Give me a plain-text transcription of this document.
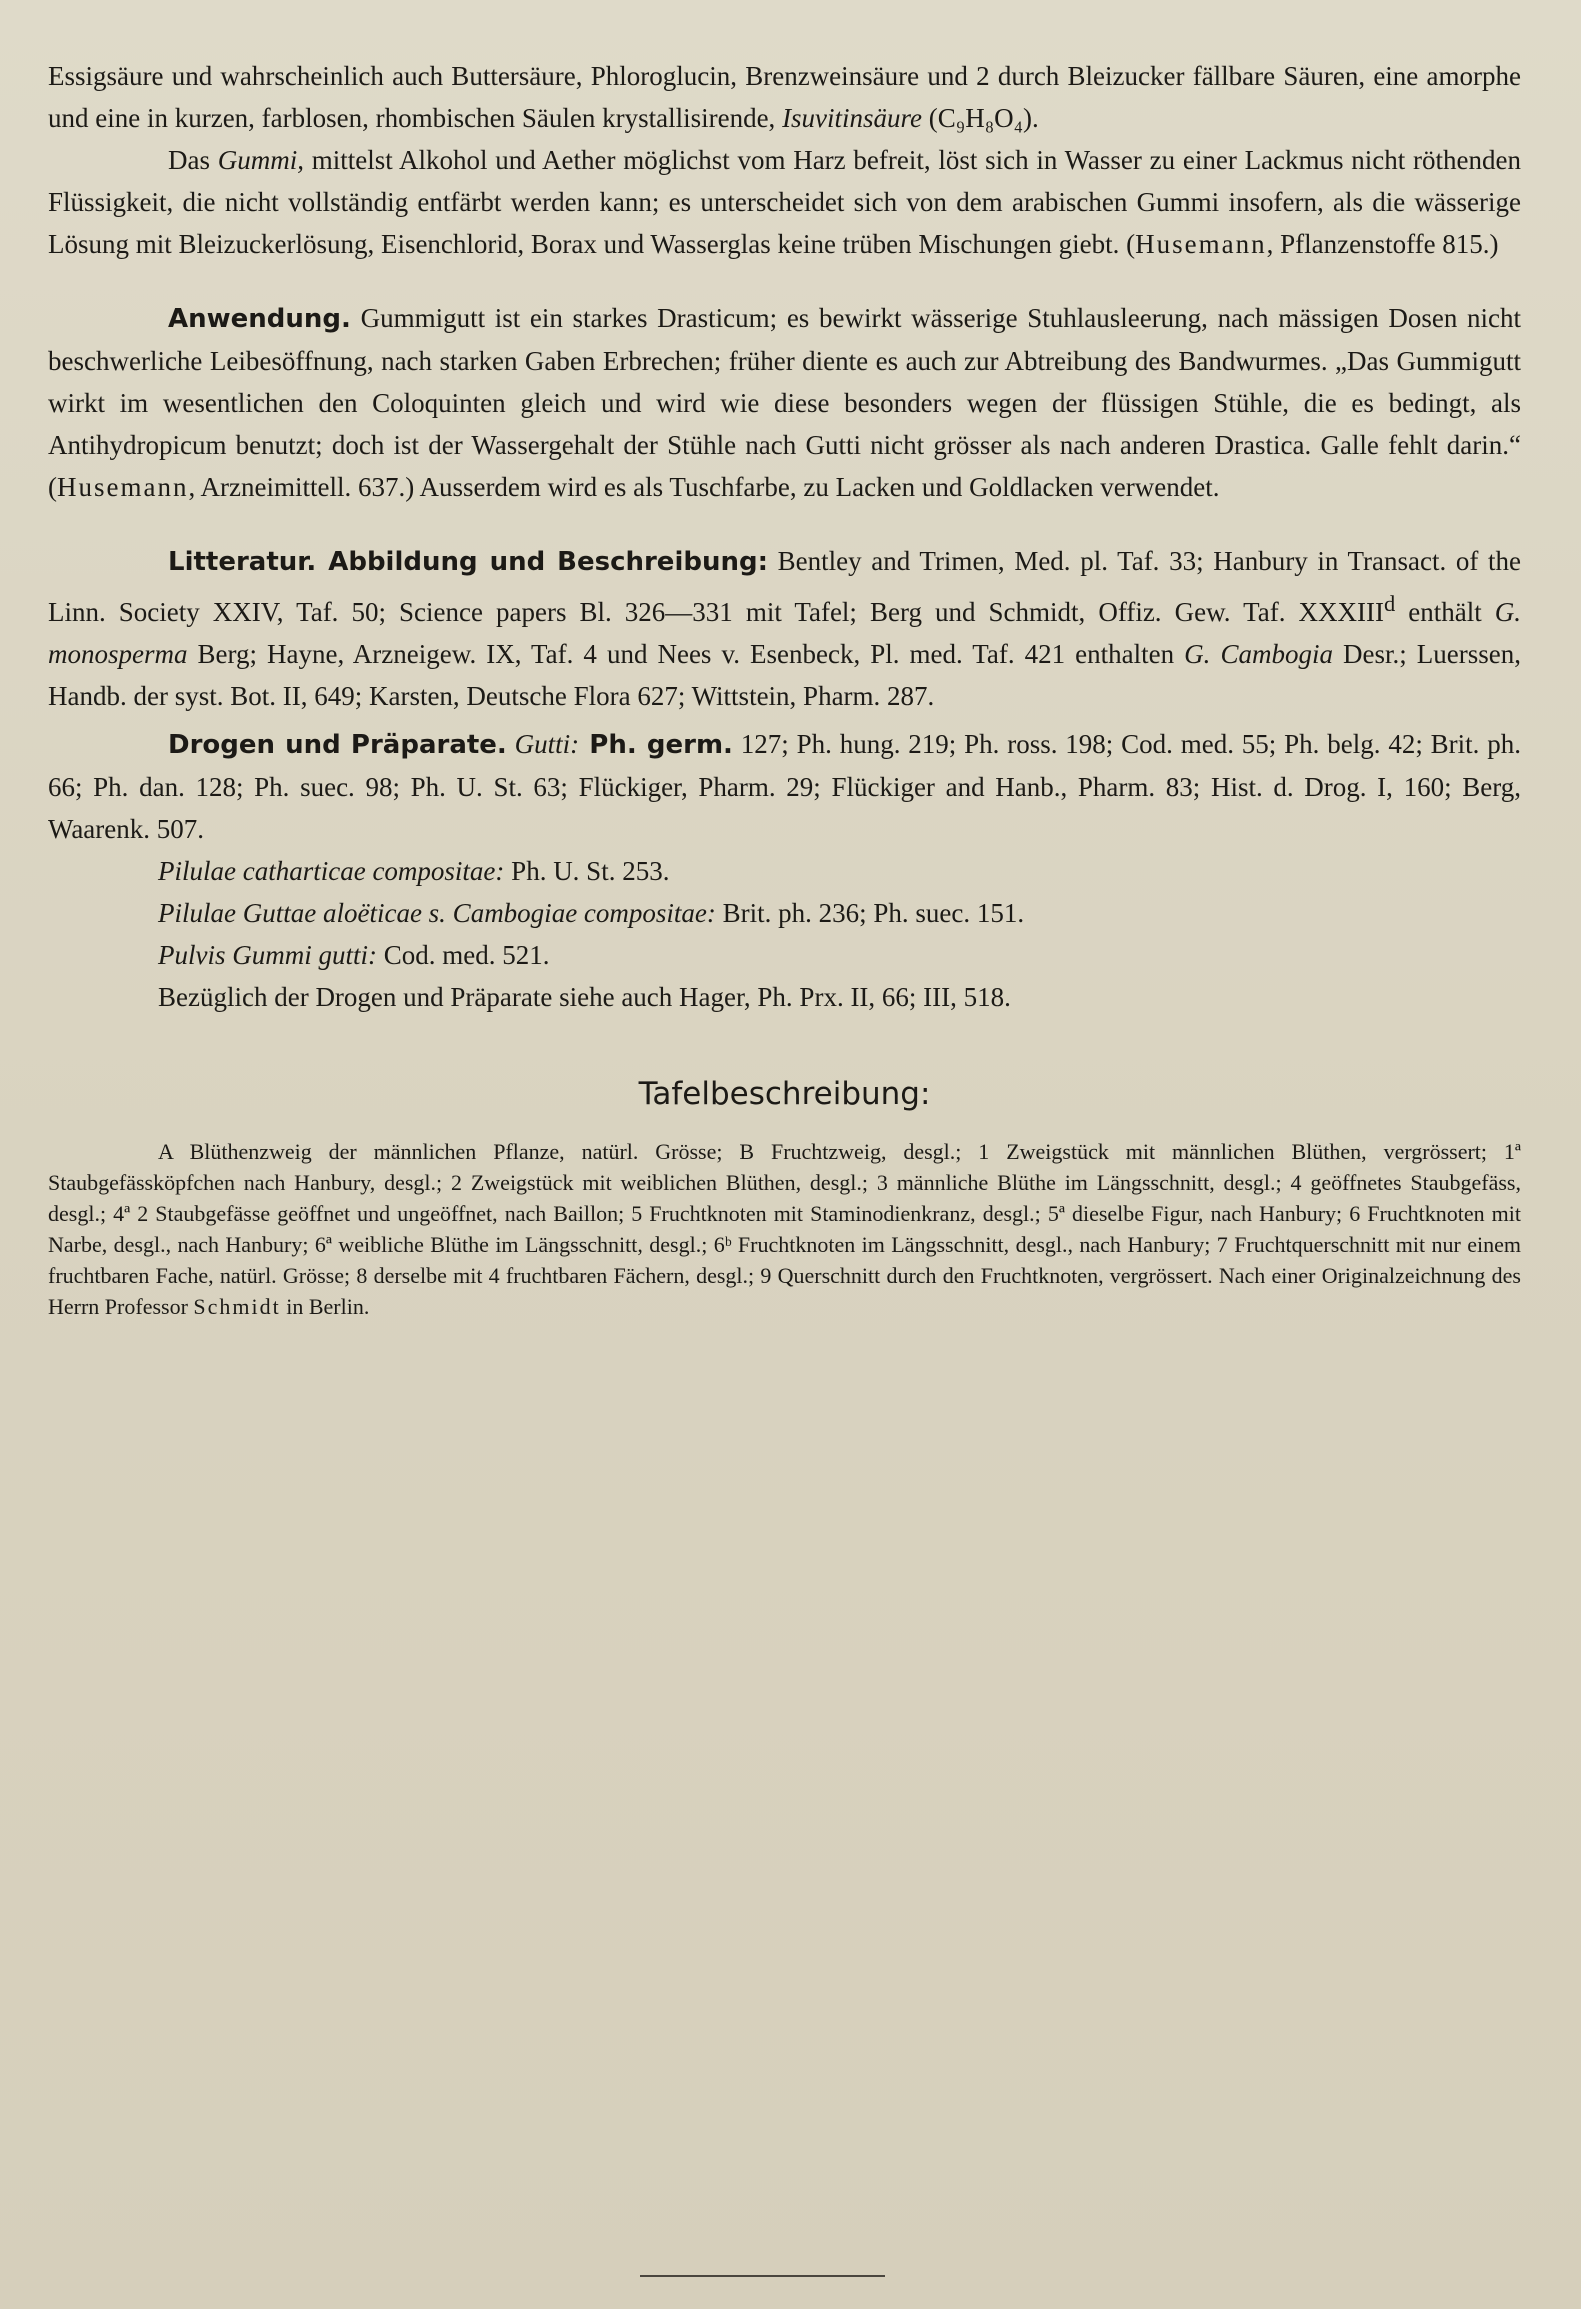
Essigsäure und wahrscheinlich auch Buttersäure, Phloroglucin, Brenzweinsäure und 2 durch Bleizucker fällbare Säuren, eine amorphe und eine in kurzen, farblosen, rhombischen Säulen krystallisirende, Isuvitinsäure (C₉H₈O₄).

Das Gummi, mittelst Alkohol und Aether möglichst vom Harz befreit, löst sich in Wasser zu einer Lackmus nicht röthenden Flüssigkeit, die nicht vollständig entfärbt werden kann; es unterscheidet sich von dem arabischen Gummi insofern, als die wässerige Lösung mit Bleizuckerlösung, Eisenchlorid, Borax und Wasserglas keine trüben Mischungen giebt. (Husemann, Pflanzenstoffe 815.)

Anwendung. Gummigutt ist ein starkes Drasticum; es bewirkt wässerige Stuhlausleerung, nach mässigen Dosen nicht beschwerliche Leibesöffnung, nach starken Gaben Erbrechen; früher diente es auch zur Abtreibung des Bandwurmes. „Das Gummigutt wirkt im wesentlichen den Coloquinten gleich und wird wie diese besonders wegen der flüssigen Stühle, die es bedingt, als Antihydropicum benutzt; doch ist der Wassergehalt der Stühle nach Gutti nicht grösser als nach anderen Drastica. Galle fehlt darin.“ (Husemann, Arzneimittell. 637.) Ausserdem wird es als Tuschfarbe, zu Lacken und Goldlacken verwendet.

Litteratur. Abbildung und Beschreibung: Bentley and Trimen, Med. pl. Taf. 33; Hanbury in Transact. of the Linn. Society XXIV, Taf. 50; Science papers Bl. 326—331 mit Tafel; Berg und Schmidt, Offiz. Gew. Taf. XXXIII$^d$ enthält G. monosperma Berg; Hayne, Arzneigew. IX, Taf. 4 und Nees v. Esenbeck, Pl. med. Taf. 421 enthalten G. Cambogia Desr.; Luerssen, Handb. der syst. Bot. II, 649; Karsten, Deutsche Flora 627; Wittstein, Pharm. 287.

Drogen und Präparate. Gutti: Ph. germ. 127; Ph. hung. 219; Ph. ross. 198; Cod. med. 55; Ph. belg. 42; Brit. ph. 66; Ph. dan. 128; Ph. suec. 98; Ph. U. St. 63; Flückiger, Pharm. 29; Flückiger and Hanb., Pharm. 83; Hist. d. Drog. I, 160; Berg, Waarenk. 507.

Pilulae catharticae compositae: Ph. U. St. 253.

Pilulae Guttae aloëticae s. Cambogiae compositae: Brit. ph. 236; Ph. suec. 151.

Pulvis Gummi gutti: Cod. med. 521.

Bezüglich der Drogen und Präparate siehe auch Hager, Ph. Prx. II, 66; III, 518.

Tafelbeschreibung:

A Blüthenzweig der männlichen Pflanze, natürl. Grösse; B Fruchtzweig, desgl.; 1 Zweigstück mit männlichen Blüthen, vergrössert; 1ª Staubgefässköpfchen nach Hanbury, desgl.; 2 Zweigstück mit weiblichen Blüthen, desgl.; 3 männliche Blüthe im Längsschnitt, desgl.; 4 geöffnetes Staubgefäss, desgl.; 4ª 2 Staubgefässe geöffnet und ungeöffnet, nach Baillon; 5 Fruchtknoten mit Staminodienkranz, desgl.; 5ª dieselbe Figur, nach Hanbury; 6 Fruchtknoten mit Narbe, desgl., nach Hanbury; 6ª weibliche Blüthe im Längsschnitt, desgl.; 6ᵇ Fruchtknoten im Längsschnitt, desgl., nach Hanbury; 7 Fruchtquerschnitt mit nur einem fruchtbaren Fache, natürl. Grösse; 8 derselbe mit 4 fruchtbaren Fächern, desgl.; 9 Querschnitt durch den Fruchtknoten, vergrössert. Nach einer Originalzeichnung des Herrn Professor Schmidt in Berlin.
